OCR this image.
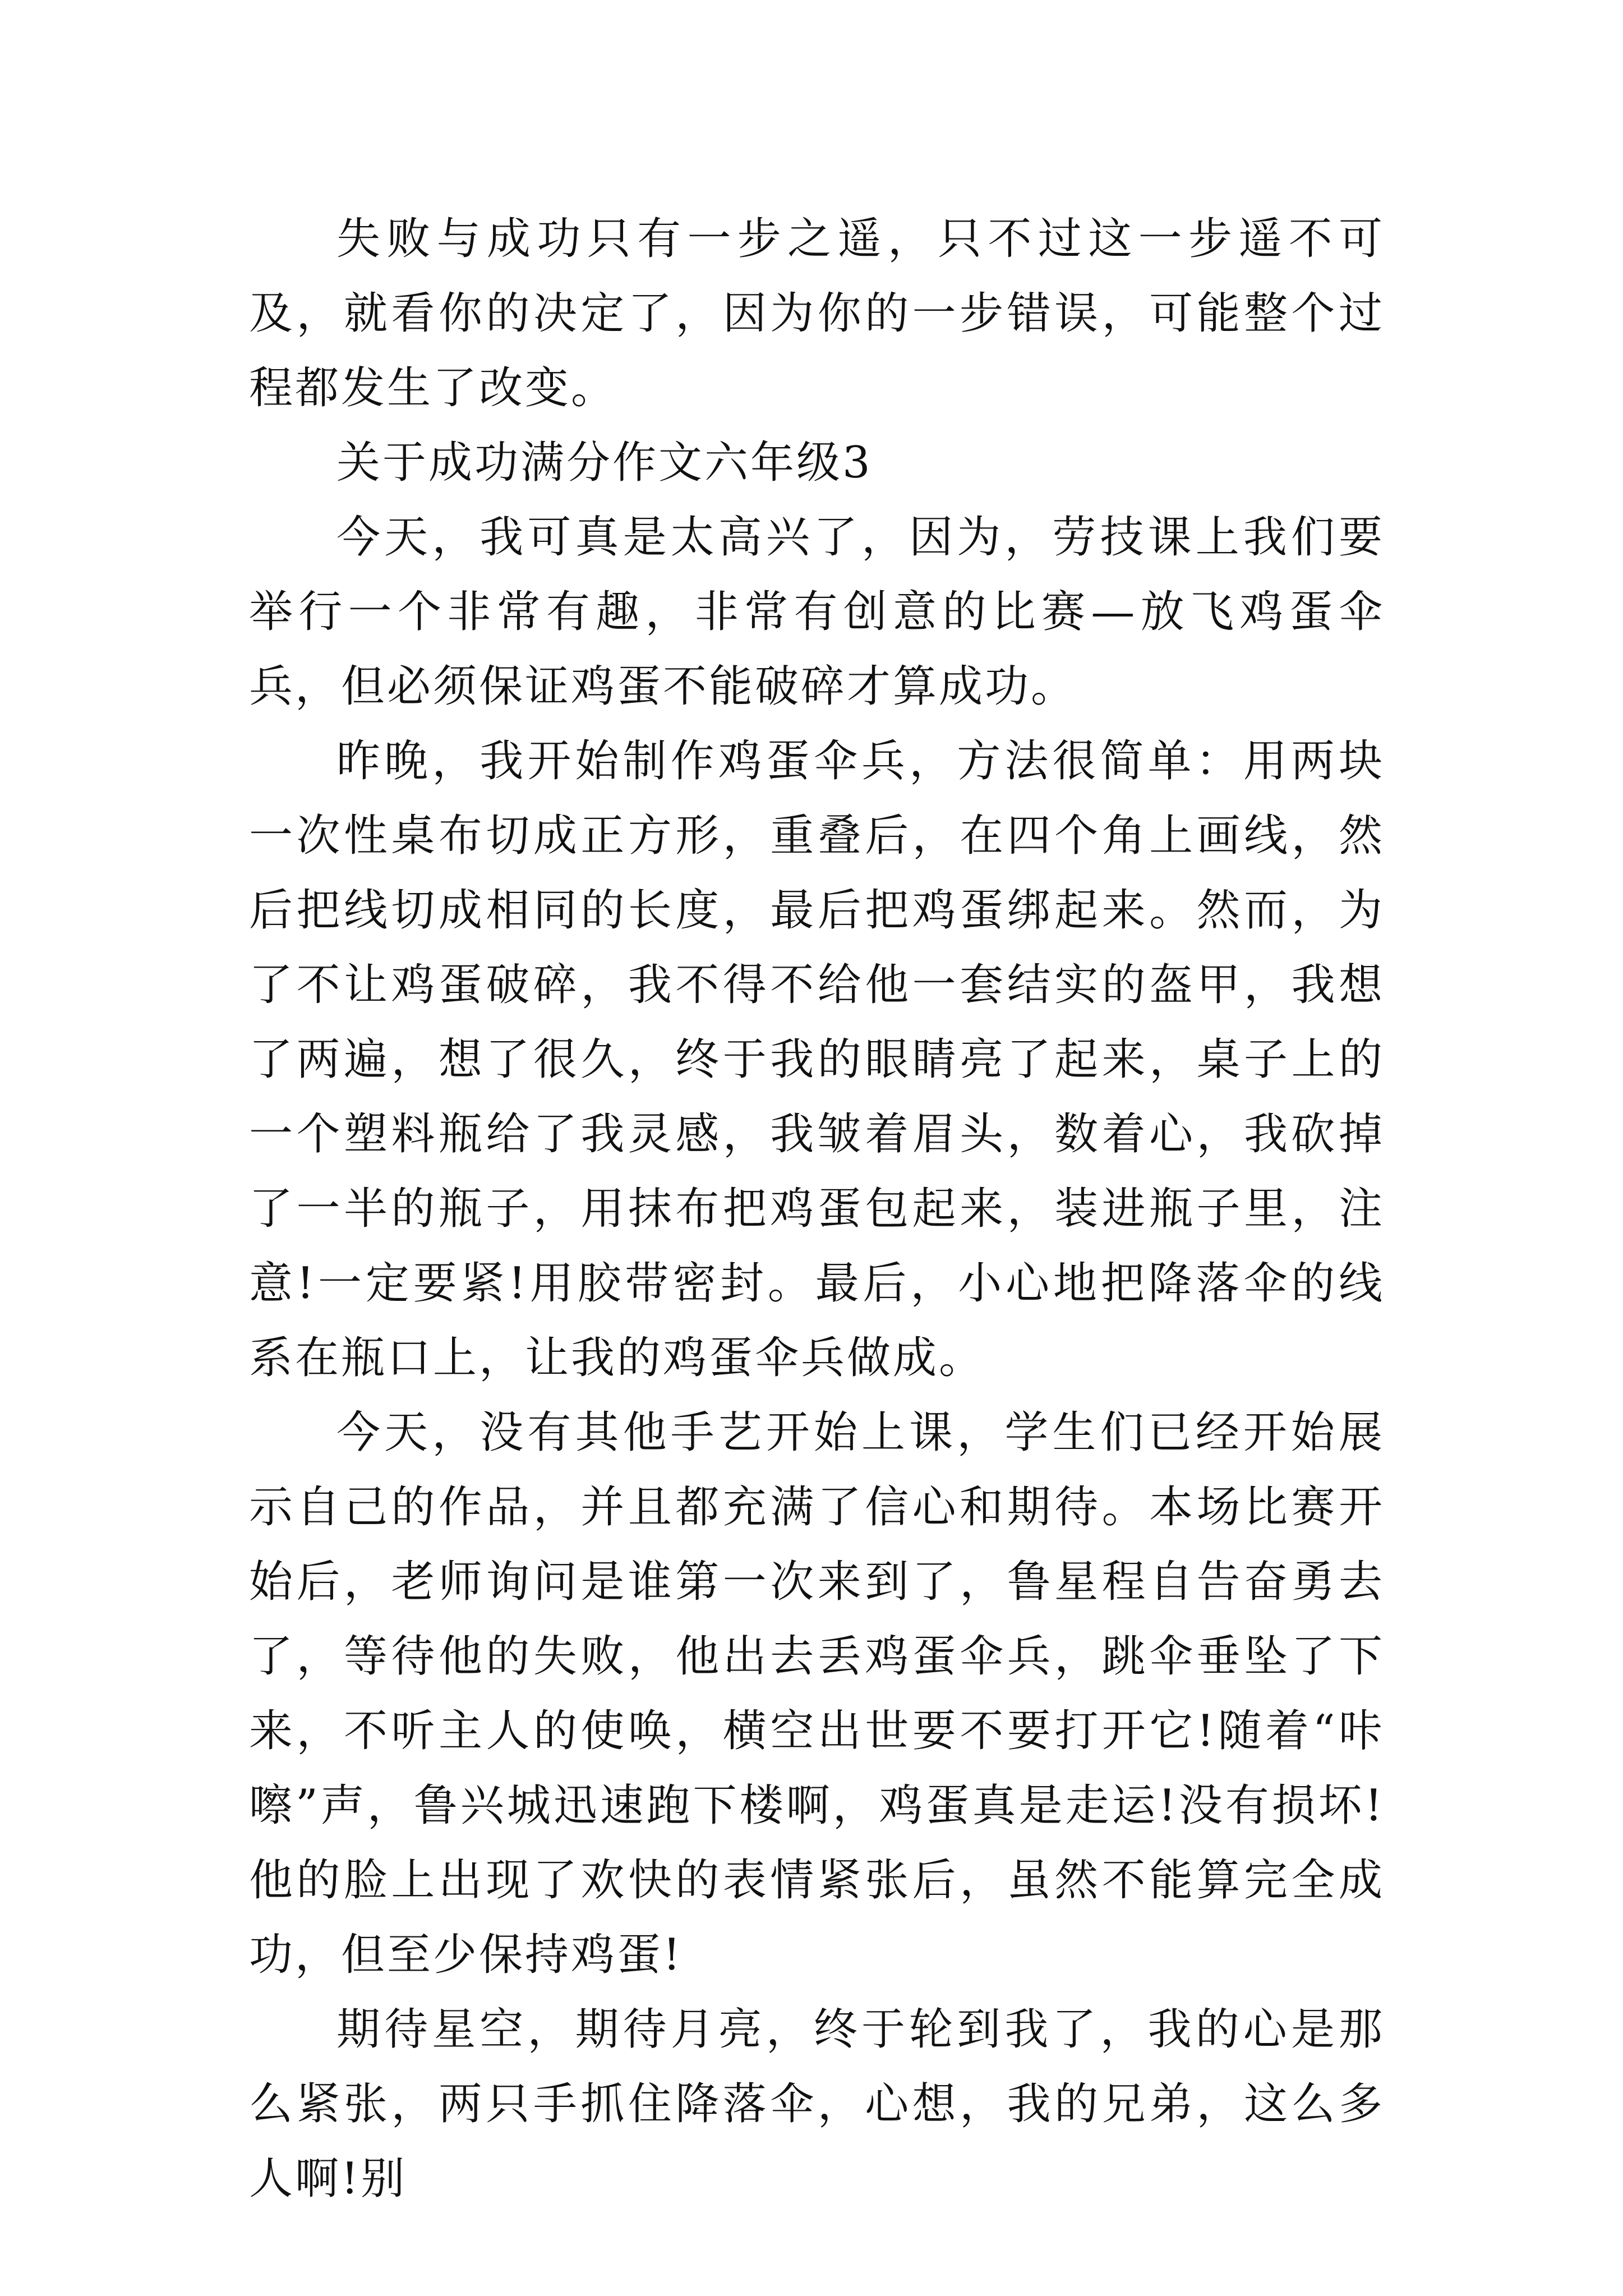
失败与成功只有一步之遥，只不过这一步遥不可及，就看你的决定了，因为你的一步错误，可能整个过程都发生了改变。

关于成功满分作文六年级3

今天，我可真是太高兴了，因为，劳技课上我们要举行一个非常有趣，非常有创意的比赛—放飞鸡蛋伞兵，但必须保证鸡蛋不能破碎才算成功。

昨晚，我开始制作鸡蛋伞兵，方法很简单：用两块一次性桌布切成正方形，重叠后，在四个角上画线，然后把线切成相同的长度，最后把鸡蛋绑起来。然而，为了不让鸡蛋破碎，我不得不给他一套结实的盔甲，我想了两遍，想了很久，终于我的眼睛亮了起来，桌子上的一个塑料瓶给了我灵感，我皱着眉头，数着心，我砍掉了一半的瓶子，用抹布把鸡蛋包起来，装进瓶子里，注意!一定要紧!用胶带密封。最后，小心地把降落伞的线系在瓶口上，让我的鸡蛋伞兵做成。

今天，没有其他手艺开始上课，学生们已经开始展示自己的作品，并且都充满了信心和期待。本场比赛开始后，老师询问是谁第一次来到了，鲁星程自告奋勇去了，等待他的失败，他出去丢鸡蛋伞兵，跳伞垂坠了下来，不听主人的使唤，横空出世要不要打开它!随着“咔嚓”声，鲁兴城迅速跑下楼啊，鸡蛋真是走运!没有损坏!他的脸上出现了欢快的表情紧张后，虽然不能算完全成功，但至少保持鸡蛋!

期待星空，期待月亮，终于轮到我了，我的心是那么紧张，两只手抓住降落伞，心想，我的兄弟，这么多人啊!别
